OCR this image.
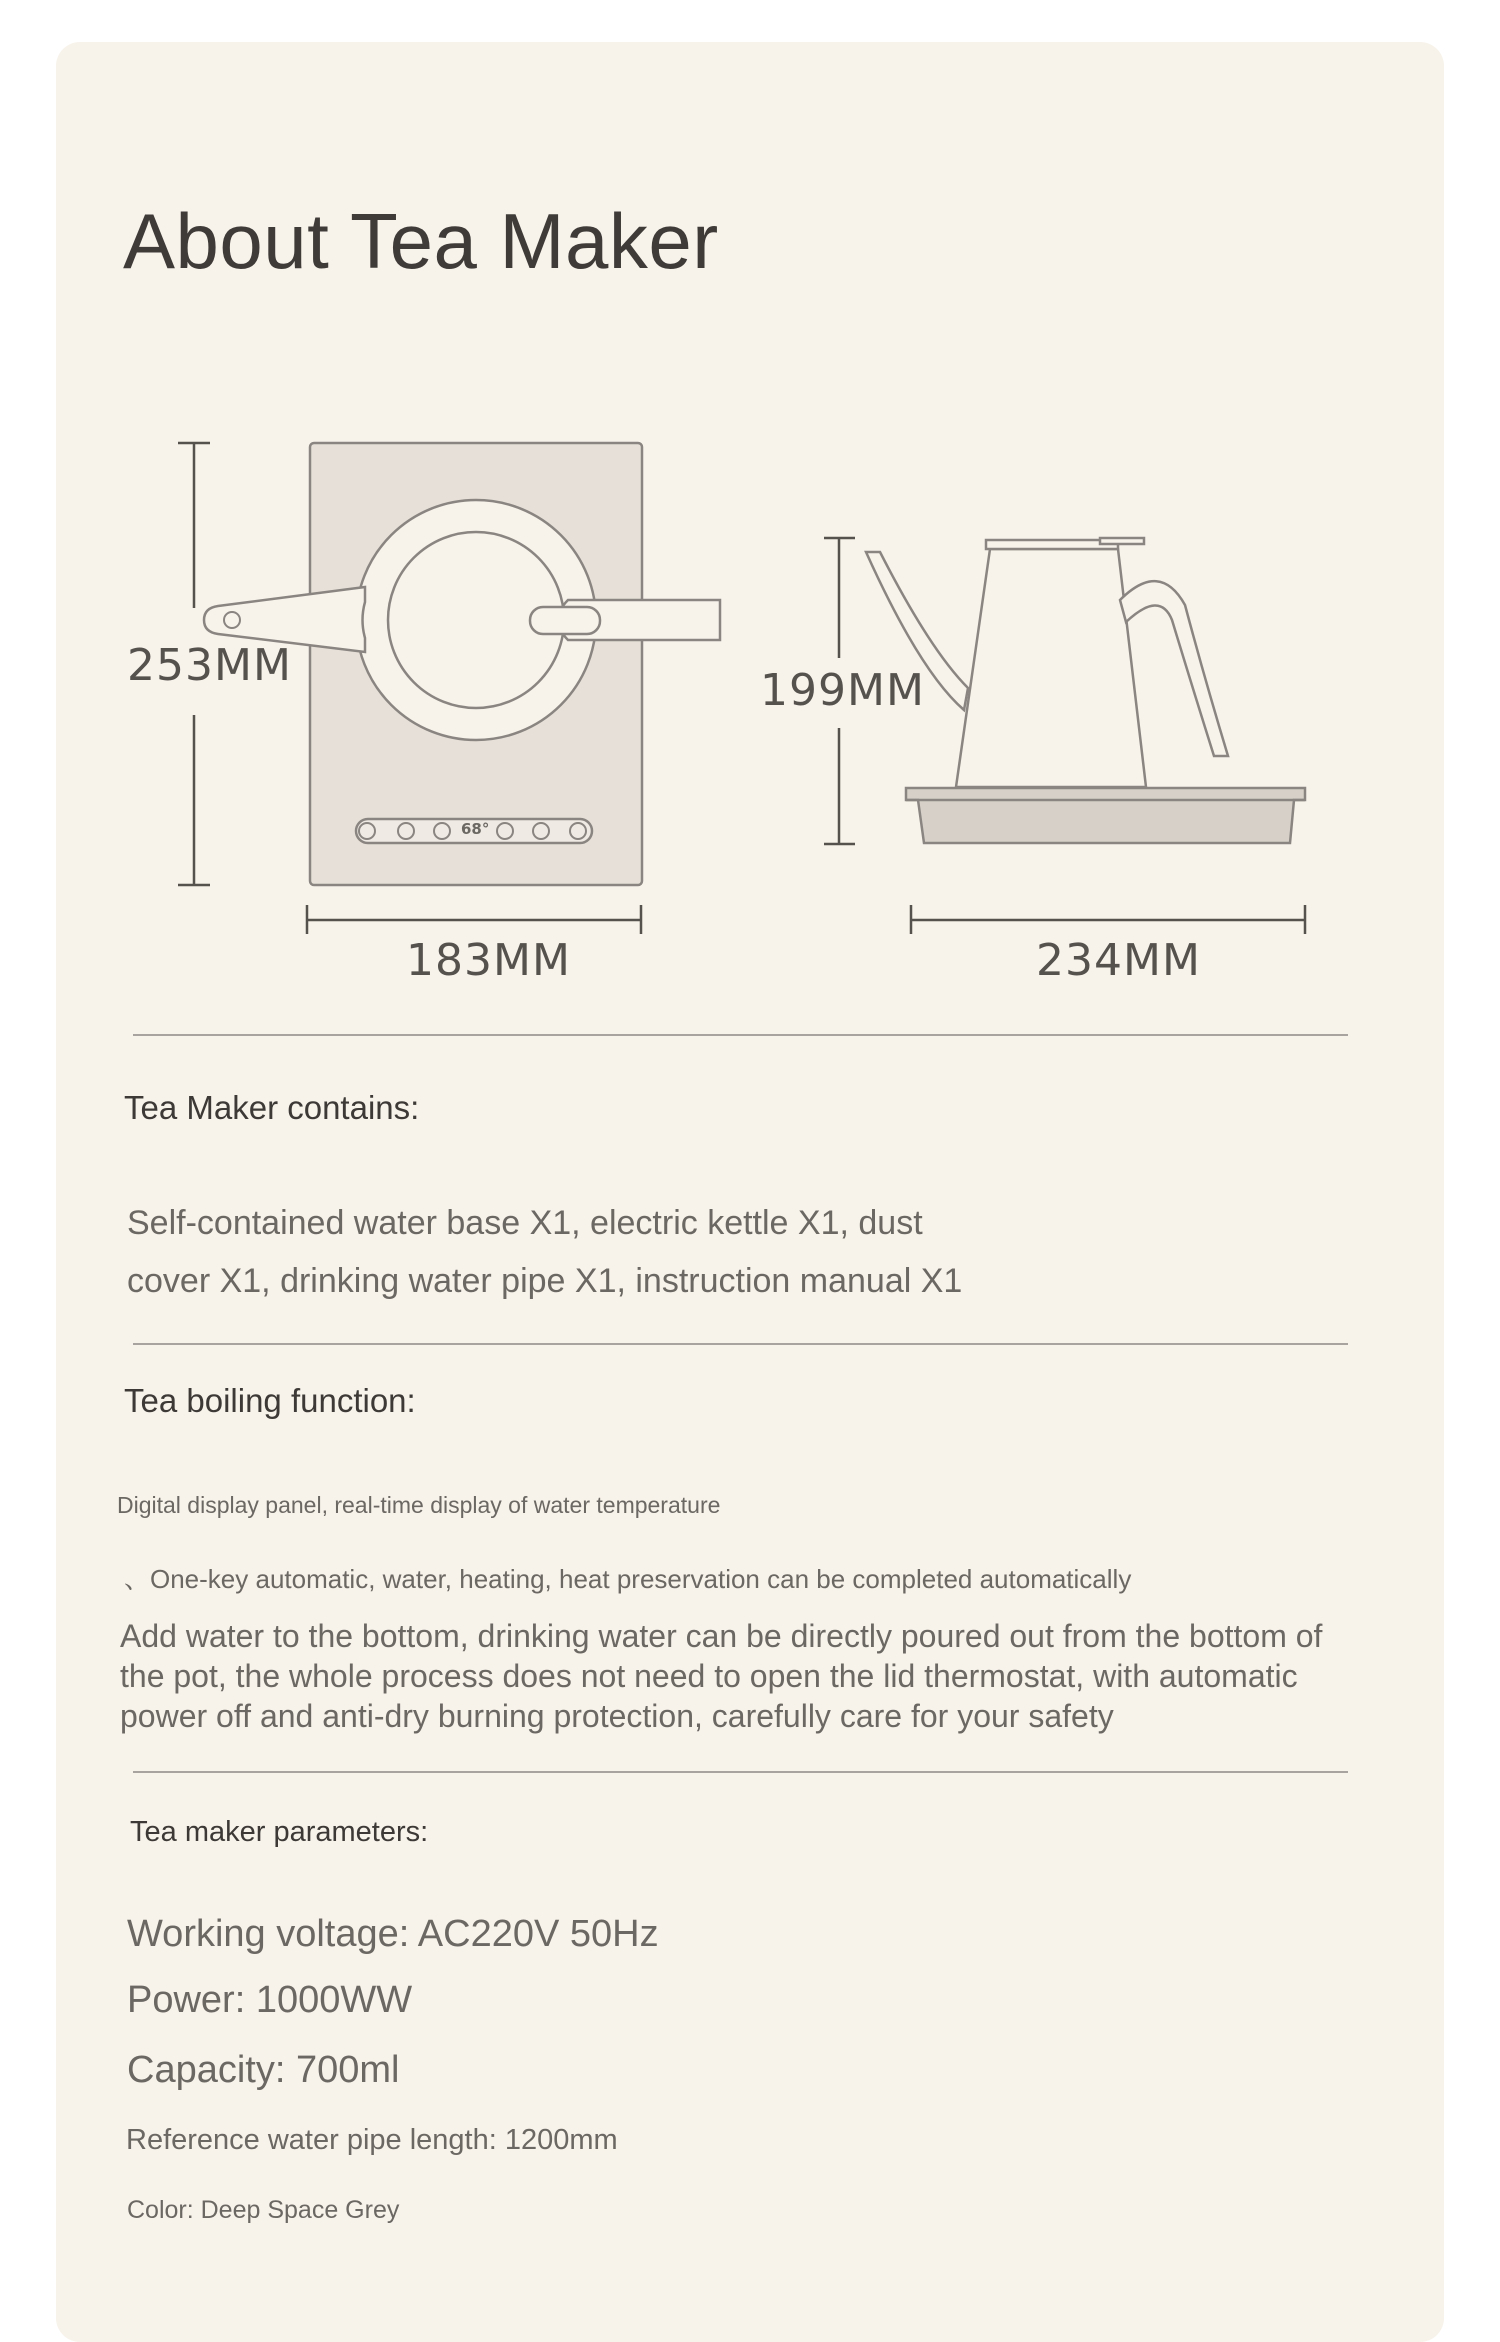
About Tea Maker
253MM
183MM
199MM
234MM
68°
Tea Maker contains:

Self-contained water base X1, electric kettle X1, dust
cover X1, drinking water pipe X1, instruction manual X1

Tea boiling function:

Digital display panel, real-time display of water temperature

、One-key automatic, water, heating, heat preservation can be completed automatically

Add water to the bottom, drinking water can be directly poured out from the bottom of the pot, the whole process does not need to open the lid thermostat, with automatic power off and anti-dry burning protection, carefully care for your safety

Tea maker parameters:

Working voltage: AC220V 50Hz

Power: 1000WW

Capacity: 700ml

Reference water pipe length: 1200mm

Color: Deep Space Grey
